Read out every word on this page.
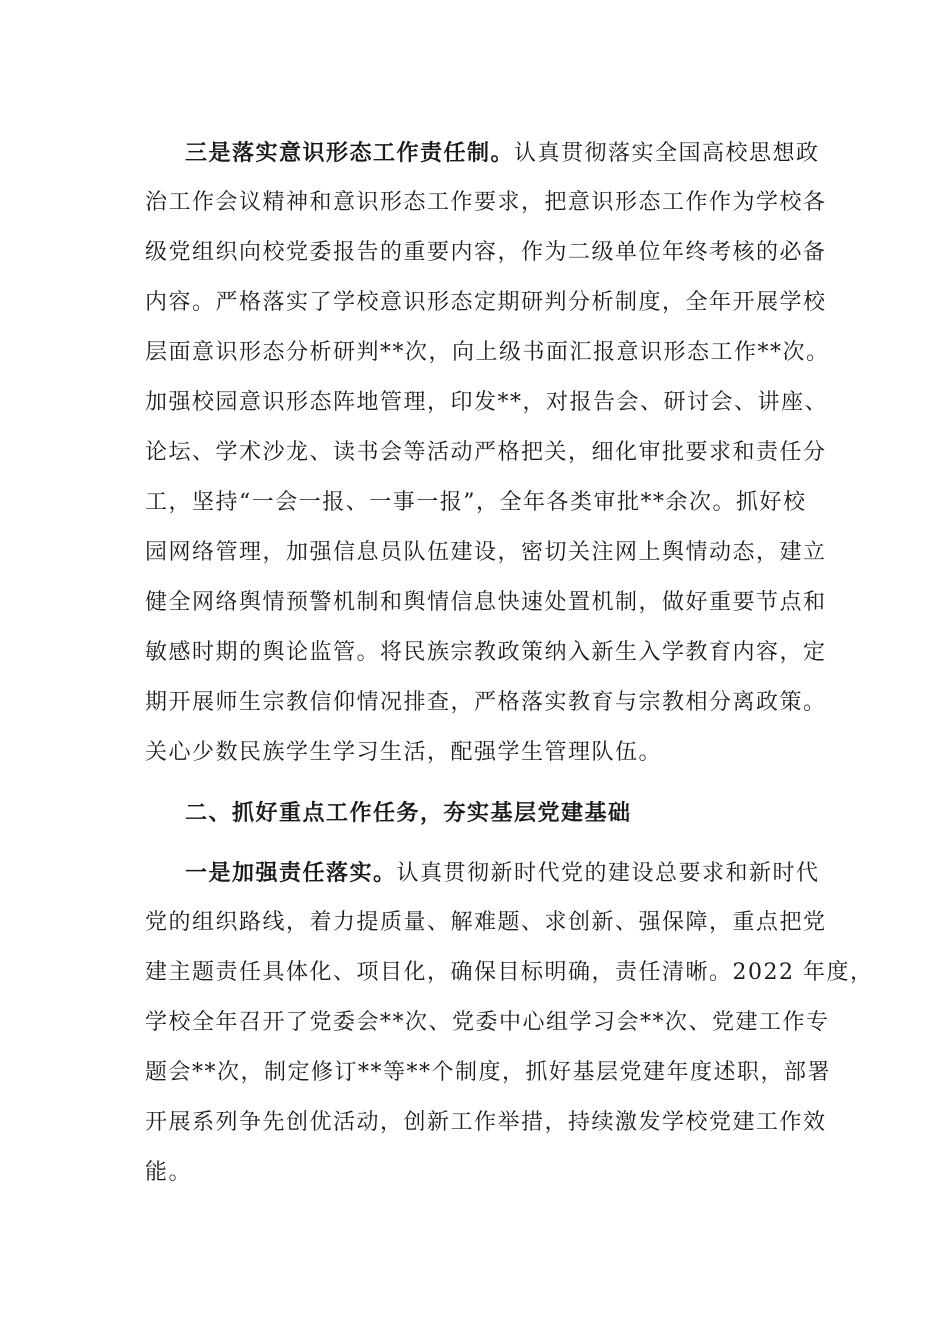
三是落实意识形态工作责任制。认真贯彻落实全国高校思想政
治工作会议精神和意识形态工作要求，把意识形态工作作为学校各
级党组织向校党委报告的重要内容，作为二级单位年终考核的必备
内容。严格落实了学校意识形态定期研判分析制度，全年开展学校
层面意识形态分析研判**次，向上级书面汇报意识形态工作**次。
加强校园意识形态阵地管理，印发**，对报告会、研讨会、讲座、
论坛、学术沙龙、读书会等活动严格把关，细化审批要求和责任分
工，坚持“一会一报、一事一报”，全年各类审批**余次。抓好校
园网络管理，加强信息员队伍建设，密切关注网上舆情动态，建立
健全网络舆情预警机制和舆情信息快速处置机制，做好重要节点和
敏感时期的舆论监管。将民族宗教政策纳入新生入学教育内容，定
期开展师生宗教信仰情况排查，严格落实教育与宗教相分离政策。
关心少数民族学生学习生活，配强学生管理队伍。
二、抓好重点工作任务，夯实基层党建基础
一是加强责任落实。认真贯彻新时代党的建设总要求和新时代
党的组织路线，着力提质量、解难题、求创新、强保障，重点把党
建主题责任具体化、项目化，确保目标明确，责任清晰。2022 年度，
学校全年召开了党委会**次、党委中心组学习会**次、党建工作专
题会**次，制定修订**等**个制度，抓好基层党建年度述职，部署
开展系列争先创优活动，创新工作举措，持续激发学校党建工作效
能。
